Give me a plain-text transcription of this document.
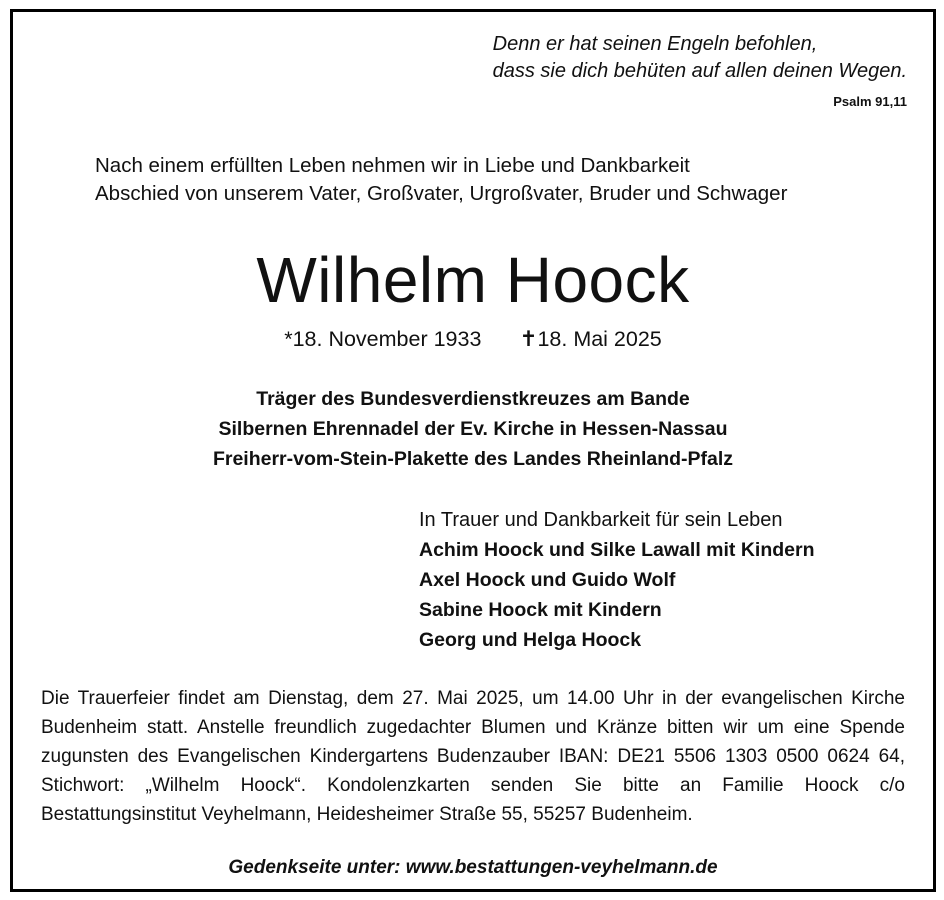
Denn er hat seinen Engeln befohlen,
dass sie dich behüten auf allen deinen Wegen.
Psalm 91,11
Nach einem erfüllten Leben nehmen wir in Liebe und Dankbarkeit
Abschied von unserem Vater, Großvater, Urgroßvater, Bruder und Schwager
Wilhelm Hoock
*18. November 1933 ✝18. Mai 2025
Träger des Bundesverdienstkreuzes am Bande
Silbernen Ehrennadel der Ev. Kirche in Hessen-Nassau
Freiherr-vom-Stein-Plakette des Landes Rheinland-Pfalz
In Trauer und Dankbarkeit für sein Leben
Achim Hoock und Silke Lawall mit Kindern
Axel Hoock und Guido Wolf
Sabine Hoock mit Kindern
Georg und Helga Hoock
Die Trauerfeier findet am Dienstag, dem 27. Mai 2025, um 14.00 Uhr in der evangelischen Kirche Budenheim statt. Anstelle freundlich zugedachter Blumen und Kränze bitten wir um eine Spende zugunsten des Evangelischen Kindergartens Budenzauber IBAN: DE21 5506 1303 0500 0624 64, Stichwort: „Wilhelm Hoock“. Kondolenzkarten senden Sie bitte an Familie Hoock c/o Bestattungsinstitut Veyhelmann, Heidesheimer Straße 55, 55257 Budenheim.
Gedenkseite unter: www.bestattungen-veyhelmann.de
